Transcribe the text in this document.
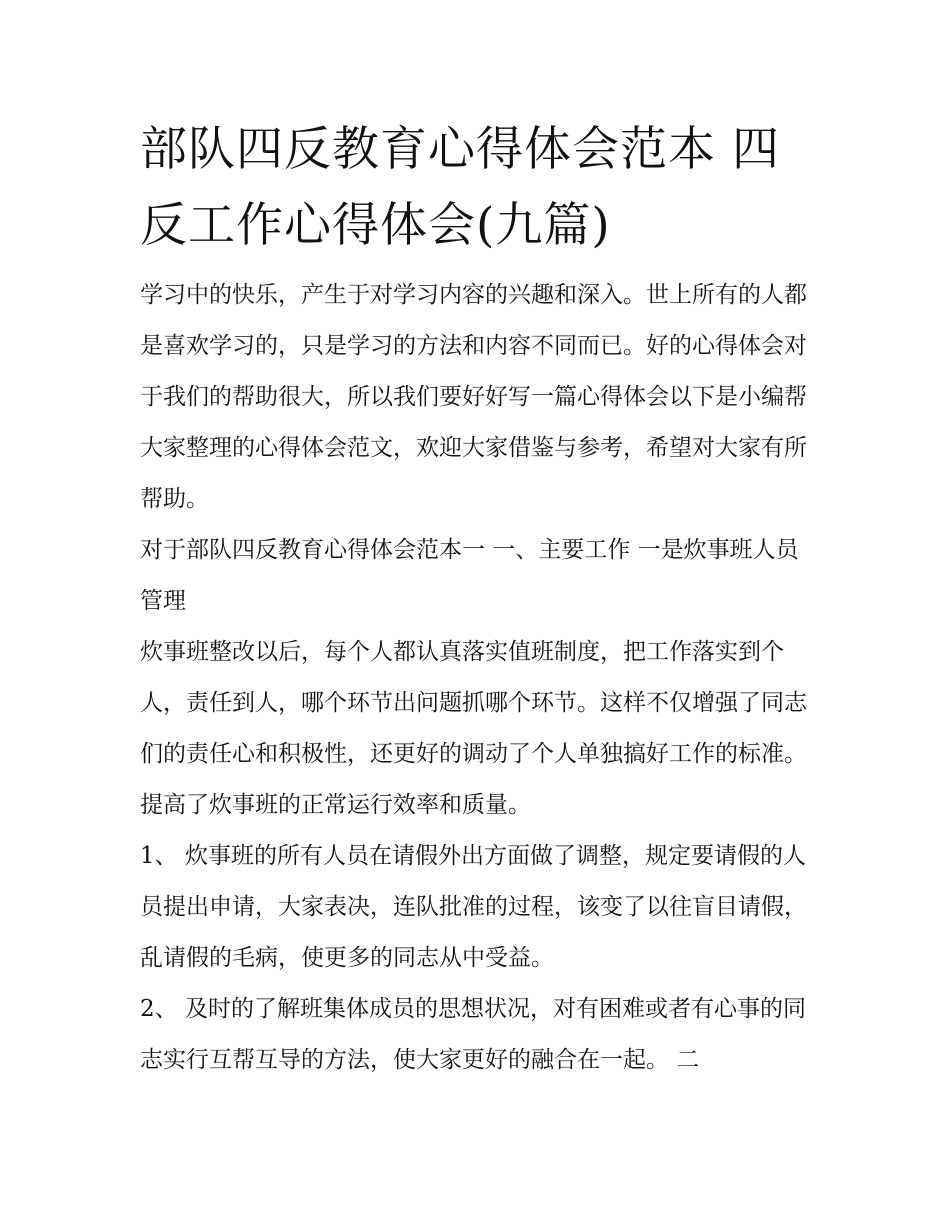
部队四反教育心得体会范本 四反工作心得体会(九篇)

学习中的快乐，产生于对学习内容的兴趣和深入。世上所有的人都是喜欢学习的，只是学习的方法和内容不同而已。好的心得体会对于我们的帮助很大，所以我们要好好写一篇心得体会以下是小编帮大家整理的心得体会范文，欢迎大家借鉴与参考，希望对大家有所帮助。

对于部队四反教育心得体会范本一 一、主要工作 一是炊事班人员管理

炊事班整改以后，每个人都认真落实值班制度，把工作落实到个人，责任到人，哪个环节出问题抓哪个环节。这样不仅增强了同志们的责任心和积极性，还更好的调动了个人单独搞好工作的标准。提高了炊事班的正常运行效率和质量。

1、 炊事班的所有人员在请假外出方面做了调整，规定要请假的人员提出申请，大家表决，连队批准的过程，该变了以往盲目请假，乱请假的毛病，使更多的同志从中受益。

2、 及时的了解班集体成员的思想状况，对有困难或者有心事的同志实行互帮互导的方法，使大家更好的融合在一起。 二
